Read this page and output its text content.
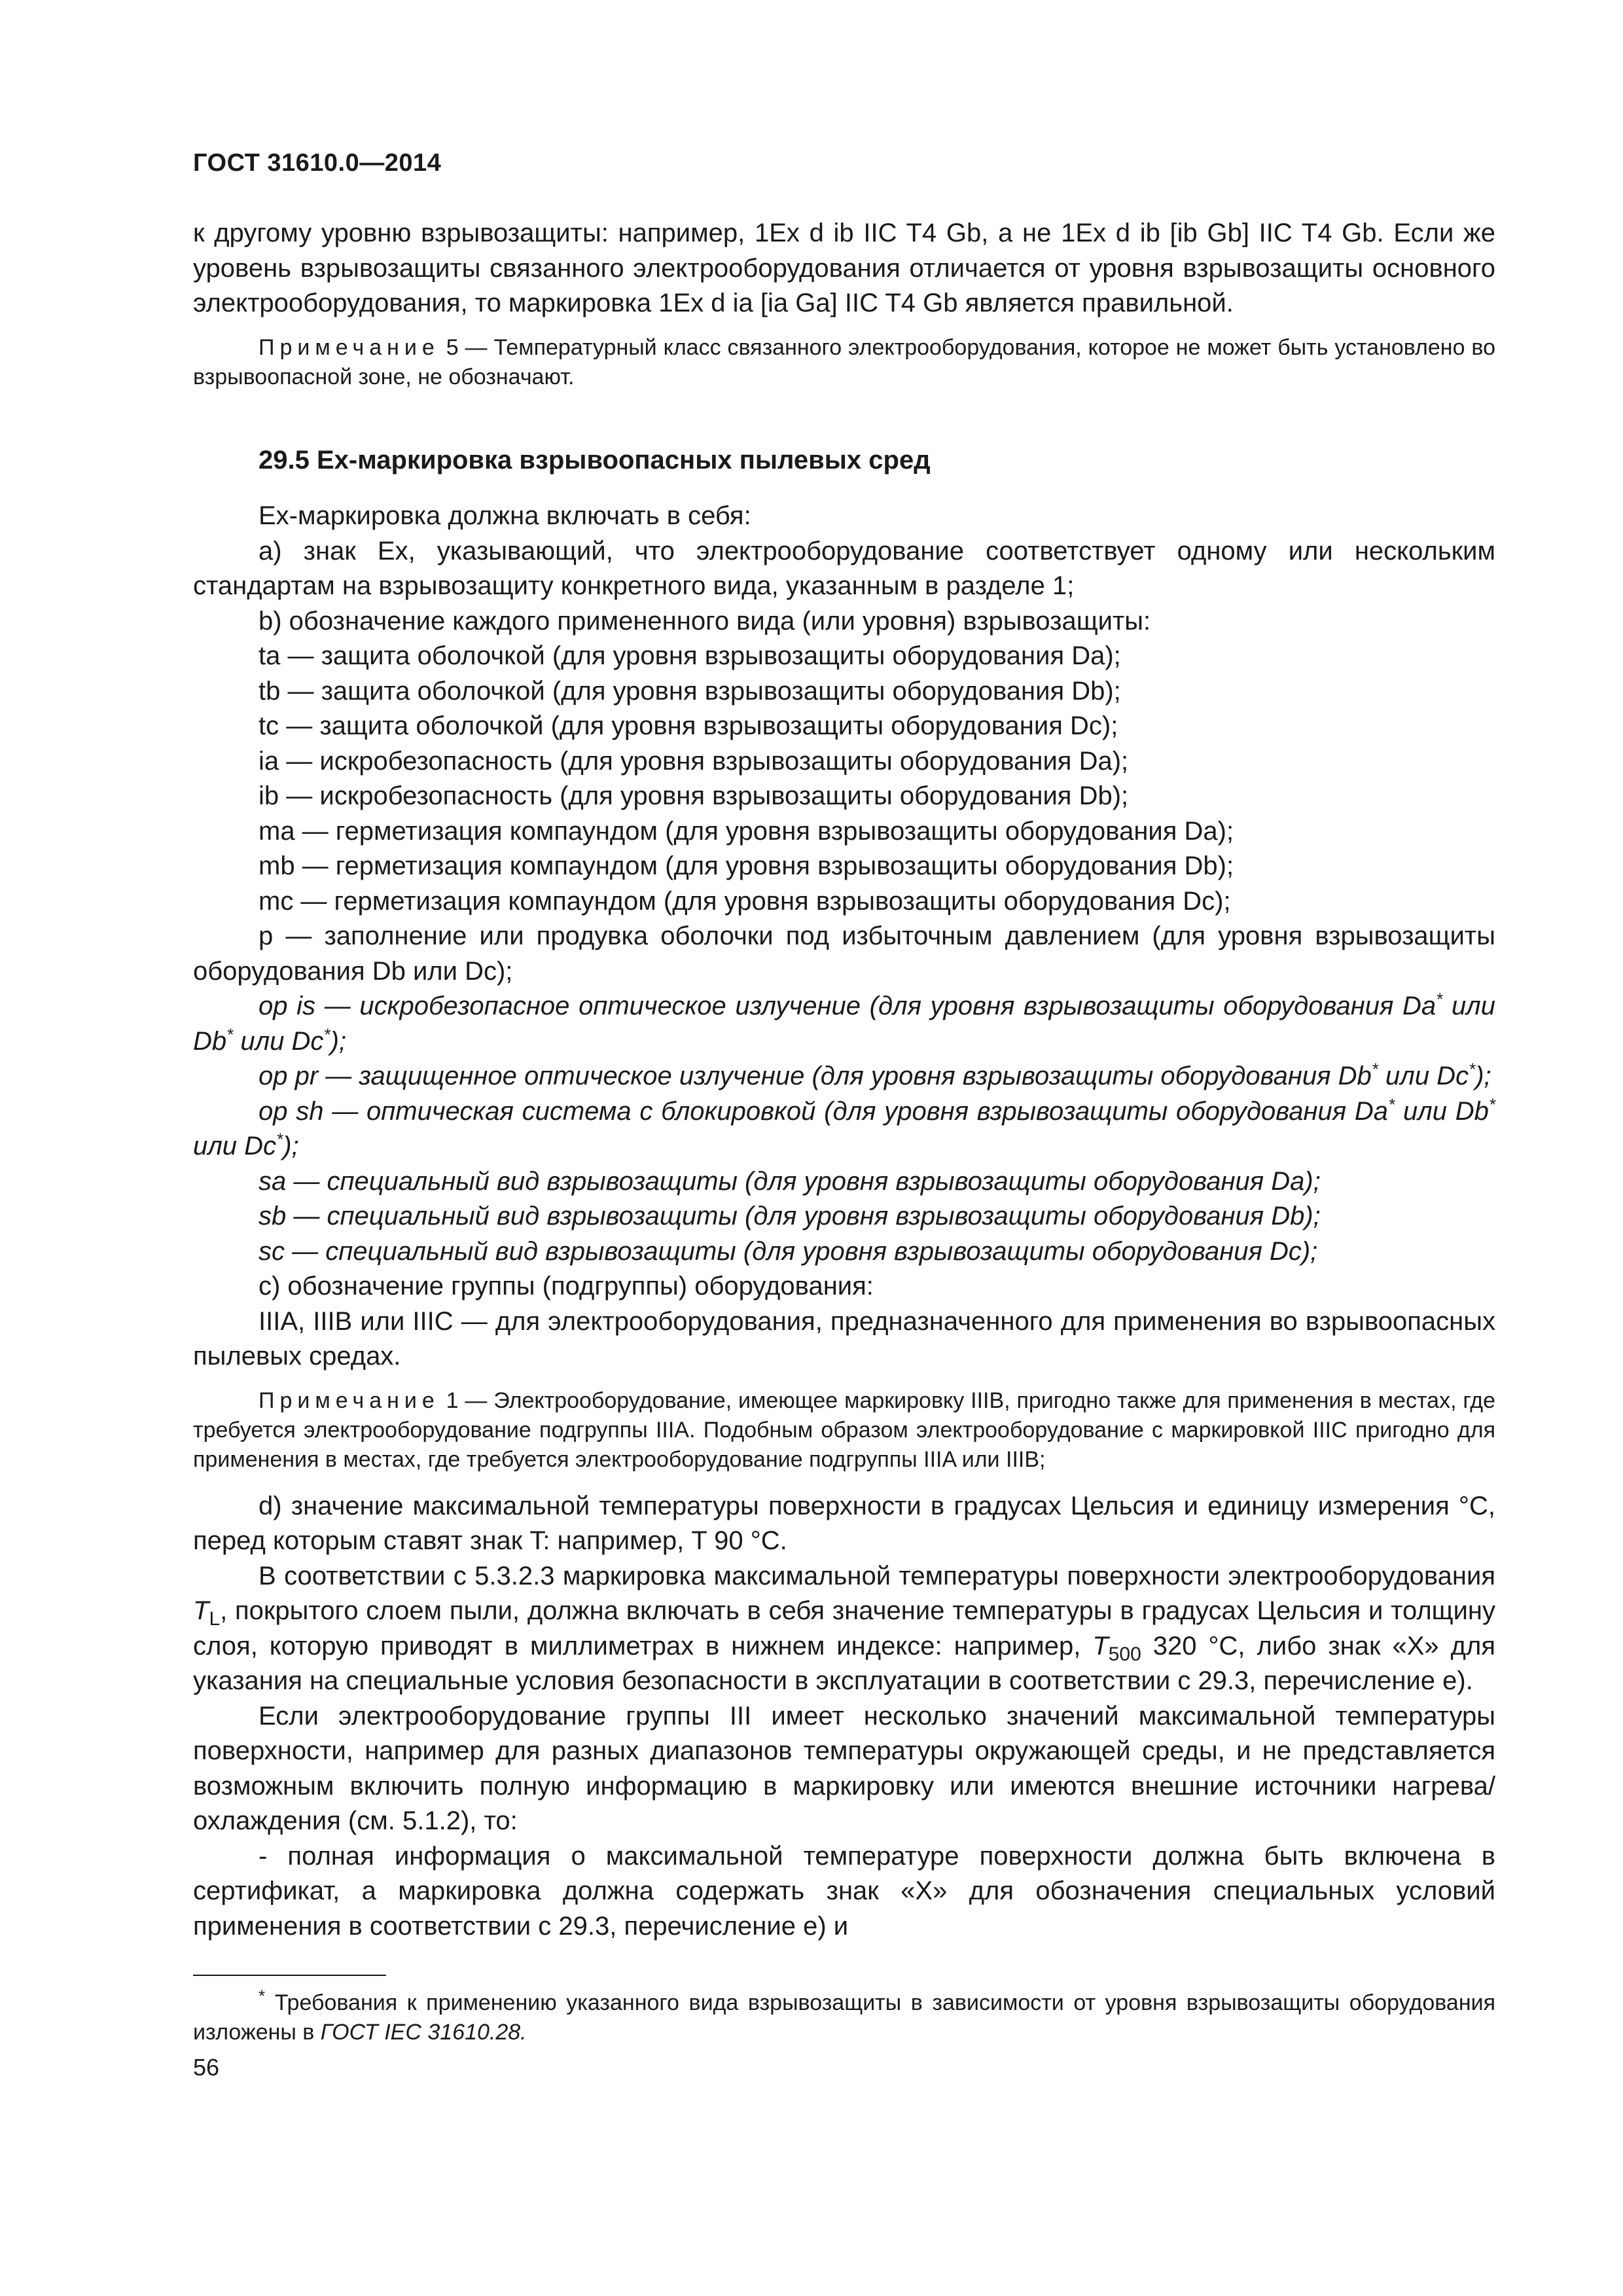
ГОСТ 31610.0—2014

к другому уровню взрывозащиты: например, 1Ex d ib IIC T4 Gb, а не 1Ex d ib [ib Gb] IIC T4 Gb. Если же уровень взрывозащиты связанного электрооборудования отличается от уровня взрывозащиты основного электрооборудования, то маркировка 1Ex d ia [ia Ga] IIC T4 Gb является правильной.

Примечание 5 — Температурный класс связанного электрооборудования, которое не может быть установлено во взрывоопасной зоне, не обозначают.

29.5 Ex-маркировка взрывоопасных пылевых сред

Ex-маркировка должна включать в себя:

а) знак Ex, указывающий, что электрооборудование соответствует одному или нескольким стандартам на взрывозащиту конкретного вида, указанным в разделе 1;

b) обозначение каждого примененного вида (или уровня) взрывозащиты:

ta — защита оболочкой (для уровня взрывозащиты оборудования Da);

tb — защита оболочкой (для уровня взрывозащиты оборудования Db);

tc — защита оболочкой (для уровня взрывозащиты оборудования Dc);

ia — искробезопасность (для уровня взрывозащиты оборудования Da);

ib — искробезопасность (для уровня взрывозащиты оборудования Db);

ma — герметизация компаундом (для уровня взрывозащиты оборудования Da);

mb — герметизация компаундом (для уровня взрывозащиты оборудования Db);

mc — герметизация компаундом (для уровня взрывозащиты оборудования Dc);

p — заполнение или продувка оболочки под избыточным давлением (для уровня взрывозащиты оборудования Db или Dc);

op is — искробезопасное оптическое излучение (для уровня взрывозащиты оборудования Da* или Db* или Dc*);

op pr — защищенное оптическое излучение (для уровня взрывозащиты оборудования Db* или Dc*);

op sh — оптическая система с блокировкой (для уровня взрывозащиты оборудования Da* или Db* или Dc*);

sa — специальный вид взрывозащиты (для уровня взрывозащиты оборудования Da);

sb — специальный вид взрывозащиты (для уровня взрывозащиты оборудования Db);

sc — специальный вид взрывозащиты (для уровня взрывозащиты оборудования Dc);

c) обозначение группы (подгруппы) оборудования:

IIIA, IIIB или IIIC — для электрооборудования, предназначенного для применения во взрывоопасных пылевых средах.

Примечание 1 — Электрооборудование, имеющее маркировку IIIB, пригодно также для применения в местах, где требуется электрооборудование подгруппы IIIA. Подобным образом электрооборудование с маркировкой IIIC пригодно для применения в местах, где требуется электрооборудование подгруппы IIIA или IIIB;

d) значение максимальной температуры поверхности в градусах Цельсия и единицу измерения °C, перед которым ставят знак T: например, T 90 °C.

В соответствии с 5.3.2.3 маркировка максимальной температуры поверхности электрооборудования $T_L$, покрытого слоем пыли, должна включать в себя значение температуры в градусах Цельсия и толщину слоя, которую приводят в миллиметрах в нижнем индексе: например, $T_{500}$ 320 °C, либо знак «X» для указания на специальные условия безопасности в эксплуатации в соответствии с 29.3, перечисление e).

Если электрооборудование группы III имеет несколько значений максимальной температуры поверхности, например для разных диапазонов температуры окружающей среды, и не представляется возможным включить полную информацию в маркировку или имеются внешние источники нагрева/охлаждения (см. 5.1.2), то:

- полная информация о максимальной температуре поверхности должна быть включена в сертификат, а маркировка должна содержать знак «X» для обозначения специальных условий применения в соответствии с 29.3, перечисление e) и

* Требования к применению указанного вида взрывозащиты в зависимости от уровня взрывозащиты оборудования изложены в ГОСТ IEC 31610.28.
56
